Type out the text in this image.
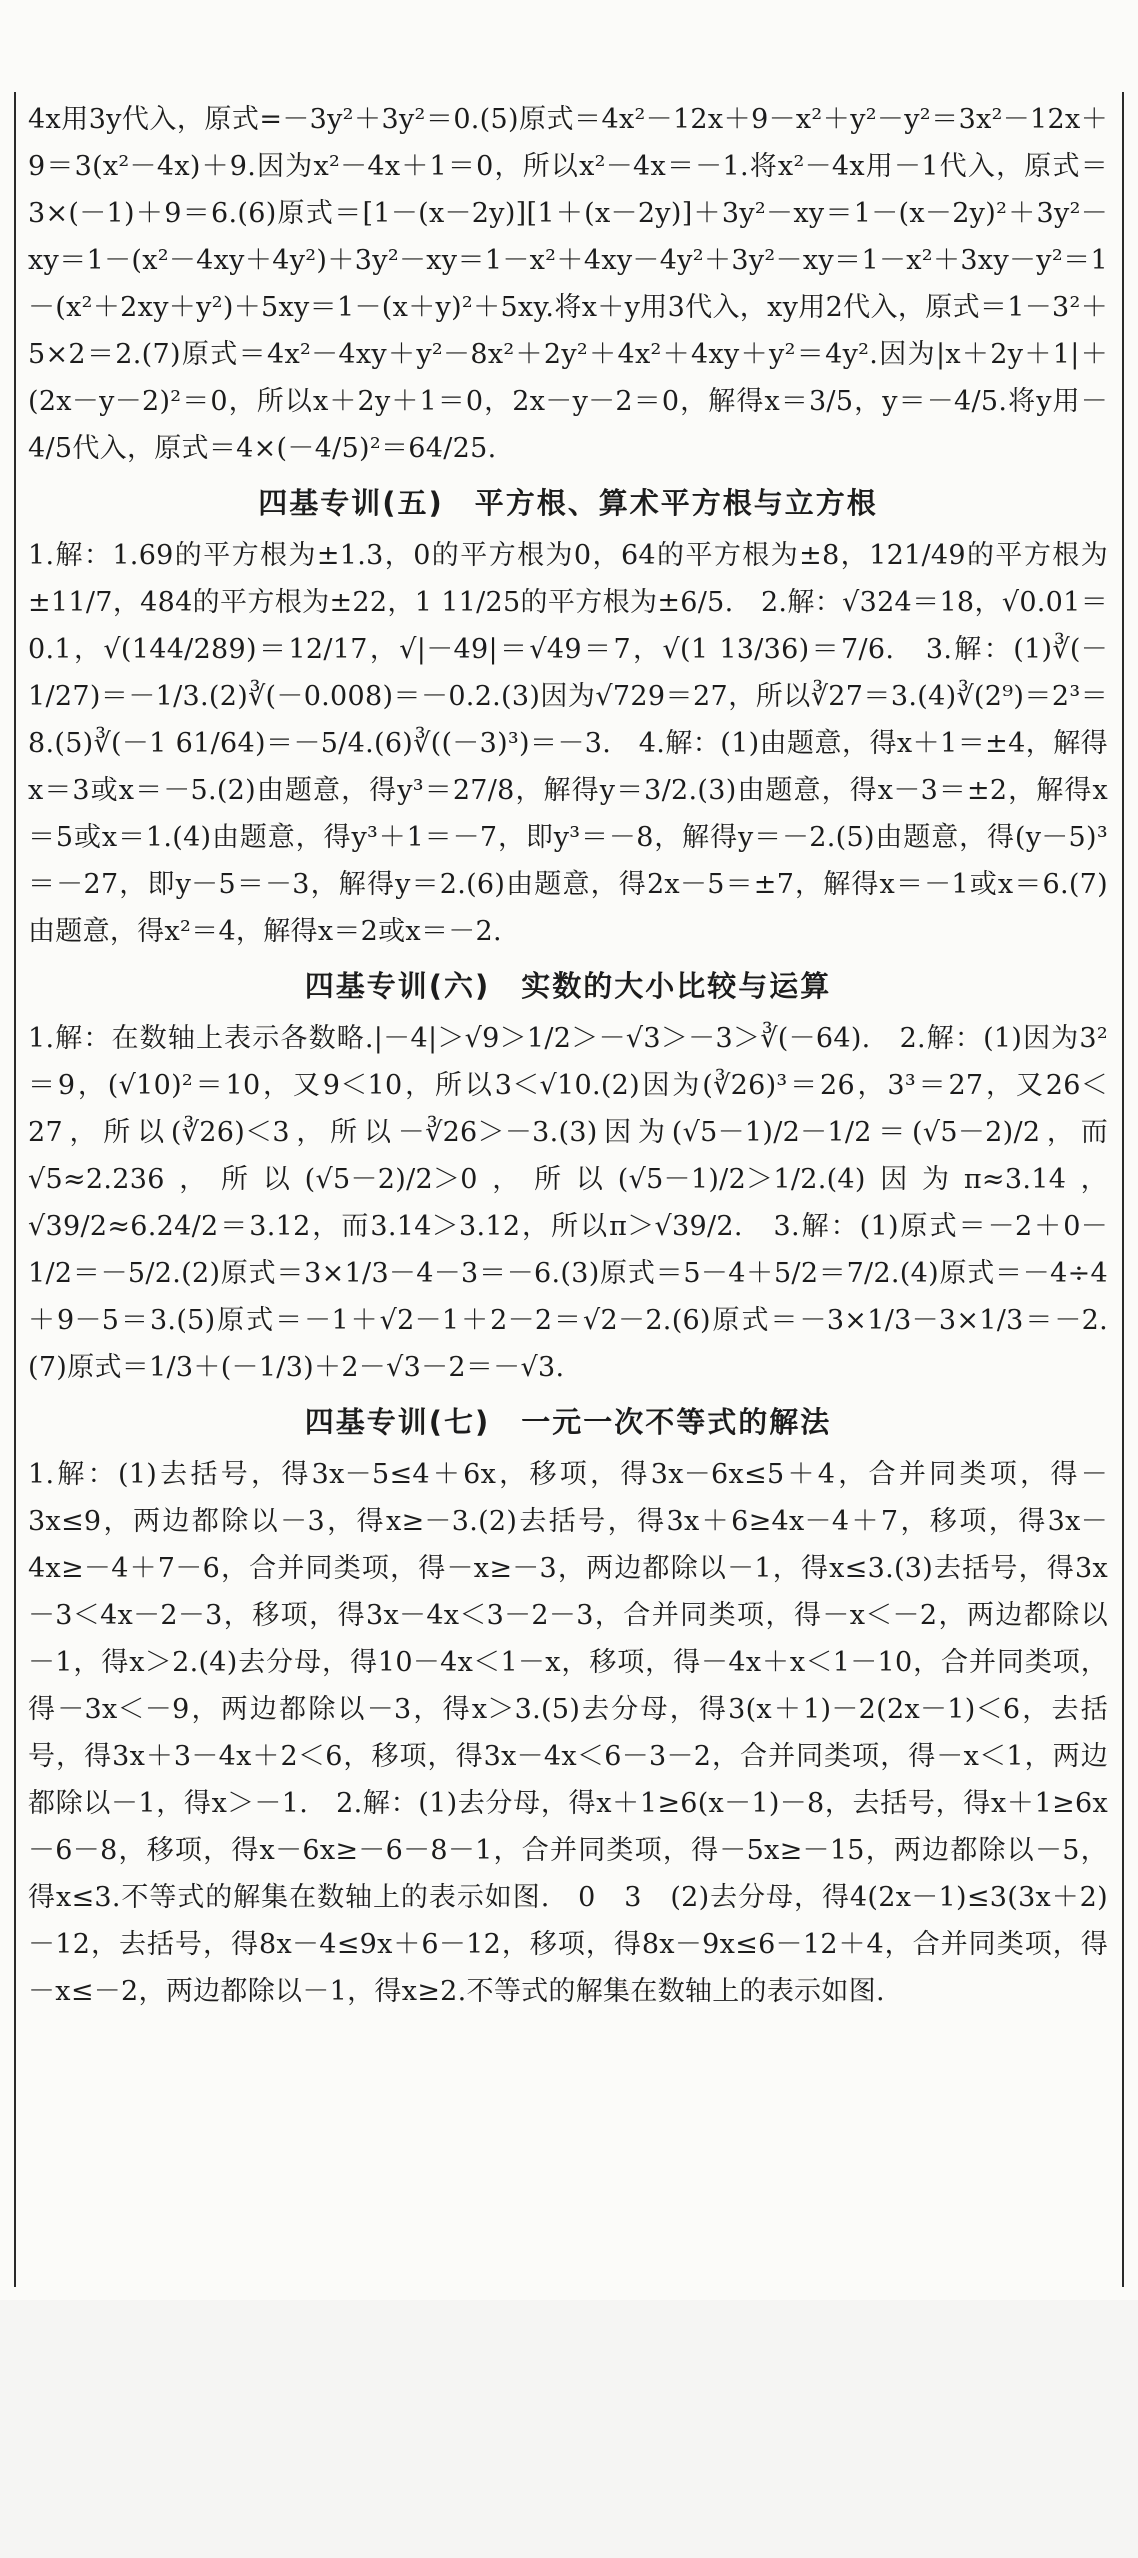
4x用3y代入，原式=－3y²＋3y²＝0.(5)原式＝4x²－12x＋9－x²＋y²－y²＝3x²－12x＋9＝3(x²－4x)＋9.因为x²－4x＋1＝0，所以x²－4x＝－1.将x²－4x用－1代入，原式＝3×(－1)＋9＝6.(6)原式＝[1－(x－2y)][1＋(x－2y)]＋3y²－xy＝1－(x－2y)²＋3y²－xy＝1－(x²－4xy＋4y²)＋3y²－xy＝1－x²＋4xy－4y²＋3y²－xy＝1－x²＋3xy－y²＝1－(x²＋2xy＋y²)＋5xy＝1－(x＋y)²＋5xy.将x＋y用3代入，xy用2代入，原式＝1－3²＋5×2＝2.(7)原式＝4x²－4xy＋y²－8x²＋2y²＋4x²＋4xy＋y²＝4y².因为|x＋2y＋1|＋(2x－y－2)²＝0，所以x＋2y＋1＝0，2x－y－2＝0，解得x＝3/5，y＝－4/5.将y用－4/5代入，原式＝4×(－4/5)²＝64/25.

四基专训(五)　平方根、算术平方根与立方根

1.解：1.69的平方根为±1.3，0的平方根为0，64的平方根为±8，121/49的平方根为±11/7，484的平方根为±22，1 11/25的平方根为±6/5.　2.解：√324＝18，√0.01＝0.1，√(144/289)＝12/17，√|－49|＝√49＝7，√(1 13/36)＝7/6.　3.解：(1)∛(－1/27)＝－1/3.(2)∛(－0.008)＝－0.2.(3)因为√729＝27，所以∛27＝3.(4)∛(2⁹)＝2³＝8.(5)∛(－1 61/64)＝－5/4.(6)∛((－3)³)＝－3.　4.解：(1)由题意，得x＋1＝±4，解得x＝3或x＝－5.(2)由题意，得y³＝27/8，解得y＝3/2.(3)由题意，得x－3＝±2，解得x＝5或x＝1.(4)由题意，得y³＋1＝－7，即y³＝－8，解得y＝－2.(5)由题意，得(y－5)³＝－27，即y－5＝－3，解得y＝2.(6)由题意，得2x－5＝±7，解得x＝－1或x＝6.(7)由题意，得x²＝4，解得x＝2或x＝－2.

四基专训(六)　实数的大小比较与运算

1.解：在数轴上表示各数略.|－4|＞√9＞1/2＞－√3＞－3＞∛(－64).　2.解：(1)因为3²＝9，(√10)²＝10，又9＜10，所以3＜√10.(2)因为(∛26)³＝26，3³＝27，又26＜27，所以(∛26)＜3，所以－∛26＞－3.(3)因为(√5－1)/2－1/2＝(√5－2)/2，而√5≈2.236，所以(√5－2)/2＞0，所以(√5－1)/2＞1/2.(4)因为π≈3.14，√39/2≈6.24/2＝3.12，而3.14＞3.12，所以π＞√39/2.　3.解：(1)原式＝－2＋0－1/2＝－5/2.(2)原式＝3×1/3－4－3＝－6.(3)原式＝5－4＋5/2＝7/2.(4)原式＝－4÷4＋9－5＝3.(5)原式＝－1＋√2－1＋2－2＝√2－2.(6)原式＝－3×1/3－3×1/3＝－2.(7)原式＝1/3＋(－1/3)＋2－√3－2＝－√3.

四基专训(七)　一元一次不等式的解法

1.解：(1)去括号，得3x－5≤4＋6x，移项，得3x－6x≤5＋4，合并同类项，得－3x≤9，两边都除以－3，得x≥－3.(2)去括号，得3x＋6≥4x－4＋7，移项，得3x－4x≥－4＋7－6，合并同类项，得－x≥－3，两边都除以－1，得x≤3.(3)去括号，得3x－3＜4x－2－3，移项，得3x－4x＜3－2－3，合并同类项，得－x＜－2，两边都除以－1，得x＞2.(4)去分母，得10－4x＜1－x，移项，得－4x＋x＜1－10，合并同类项，得－3x＜－9，两边都除以－3，得x＞3.(5)去分母，得3(x＋1)－2(2x－1)＜6，去括号，得3x＋3－4x＋2＜6，移项，得3x－4x＜6－3－2，合并同类项，得－x＜1，两边都除以－1，得x＞－1.　2.解：(1)去分母，得x＋1≥6(x－1)－8，去括号，得x＋1≥6x－6－8，移项，得x－6x≥－6－8－1，合并同类项，得－5x≥－15，两边都除以－5，得x≤3.不等式的解集在数轴上的表示如图.　0　3　(2)去分母，得4(2x－1)≤3(3x＋2)－12，去括号，得8x－4≤9x＋6－12，移项，得8x－9x≤6－12＋4，合并同类项，得－x≤－2，两边都除以－1，得x≥2.不等式的解集在数轴上的表示如图.
